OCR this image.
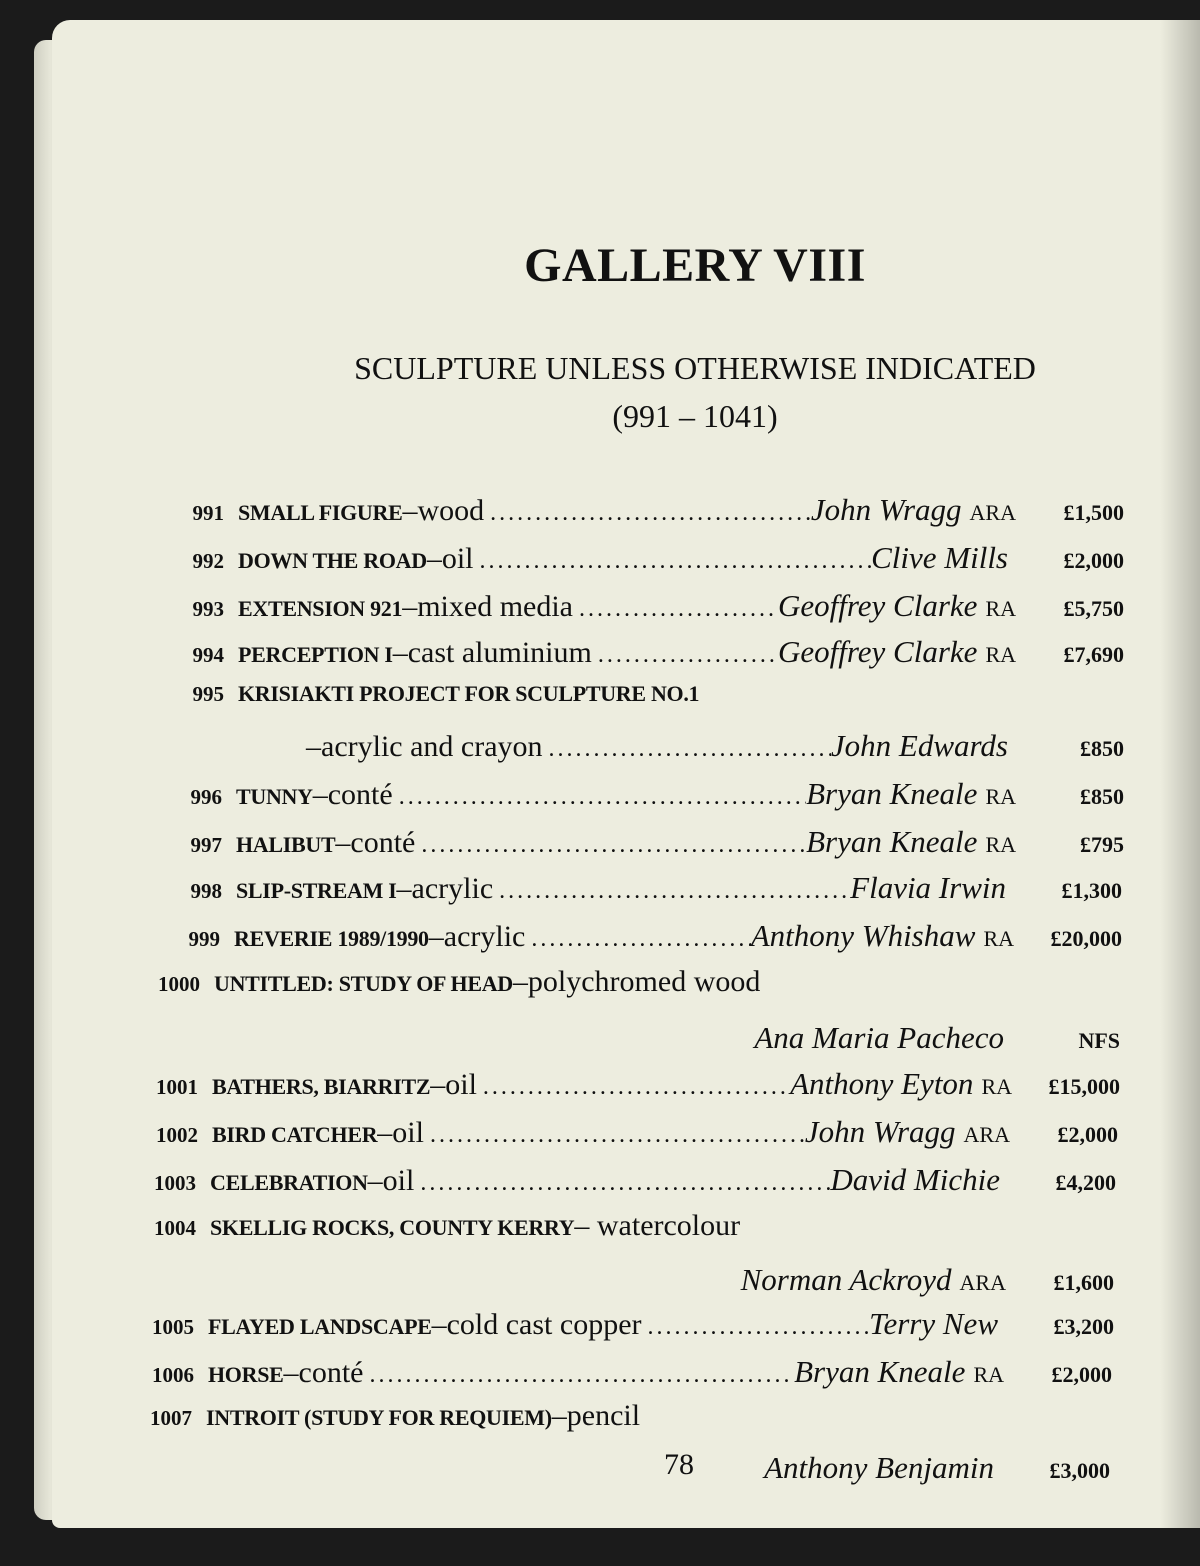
GALLERY VIII
SCULPTURE UNLESS OTHERWISE INDICATED
(991 – 1041)
991 SMALL FIGURE –wood .....	John Wragg ARA	£1,500
992 DOWN THE ROAD –oil .....	Clive Mills	£2,000
993 EXTENSION 921 –mixed media .....	Geoffrey Clarke RA	£5,750
994 PERCEPTION I –cast aluminium .....	Geoffrey Clarke RA	£7,690
995 KRISIAKTI PROJECT FOR SCULPTURE NO.1
–acrylic and crayon .....	John Edwards	£850
996 TUNNY –conté .....	Bryan Kneale RA	£850
997 HALIBUT –conté .....	Bryan Kneale RA	£795
998 SLIP-STREAM I –acrylic .....	Flavia Irwin	£1,300
999 REVERIE 1989/1990 –acrylic .....	Anthony Whishaw RA	£20,000
1000 UNTITLED: STUDY OF HEAD –polychromed wood
Ana Maria Pacheco	NFS
1001 BATHERS, BIARRITZ –oil .....	Anthony Eyton RA	£15,000
1002 BIRD CATCHER –oil .....	John Wragg ARA	£2,000
1003 CELEBRATION –oil .....	David Michie	£4,200
1004 SKELLIG ROCKS, COUNTY KERRY – watercolour
Norman Ackroyd ARA	£1,600
1005 FLAYED LANDSCAPE –cold cast copper .....	Terry New	£3,200
1006 HORSE –conté .....	Bryan Kneale RA	£2,000
1007 INTROIT (STUDY FOR REQUIEM) –pencil
Anthony Benjamin	£3,000
78
